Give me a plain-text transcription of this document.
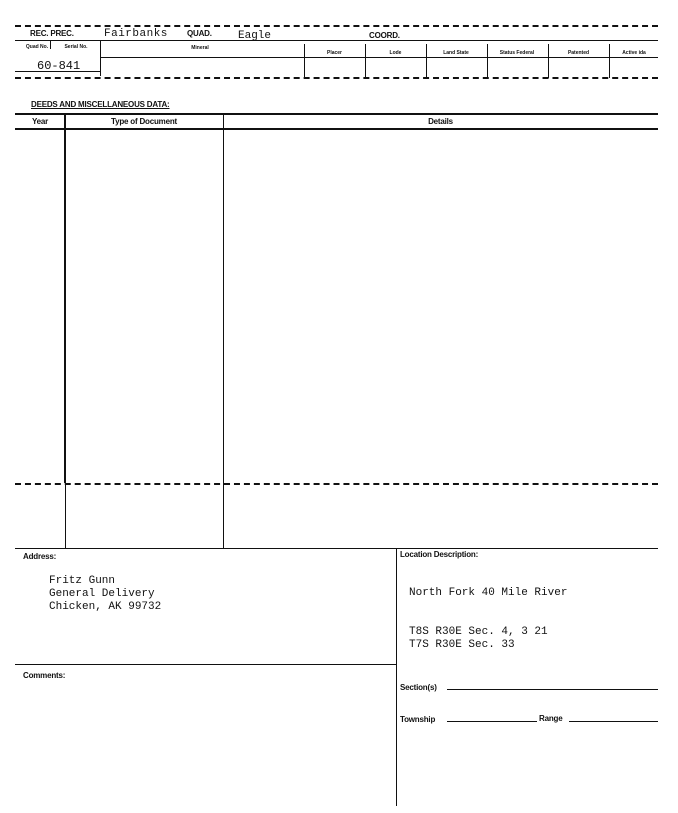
REC. PREC.	Fairbanks QUAD. Eagle	COORD.
Quad No.	Serial No.	Mineral
Placer	Lode	Land State	Status Federal	Patented	Active ida
60-841
DEEDS AND MISCELLANEOUS DATA:
Year	Type of Document	Details
Address:
Fritz Gunn
General Delivery
Chicken, AK 99732
Location Description:
North Fork 40 Mile River
T8S R30E Sec. 4, 3 21
T7S R30E Sec. 33
Comments:
Section(s)
Township	Range
